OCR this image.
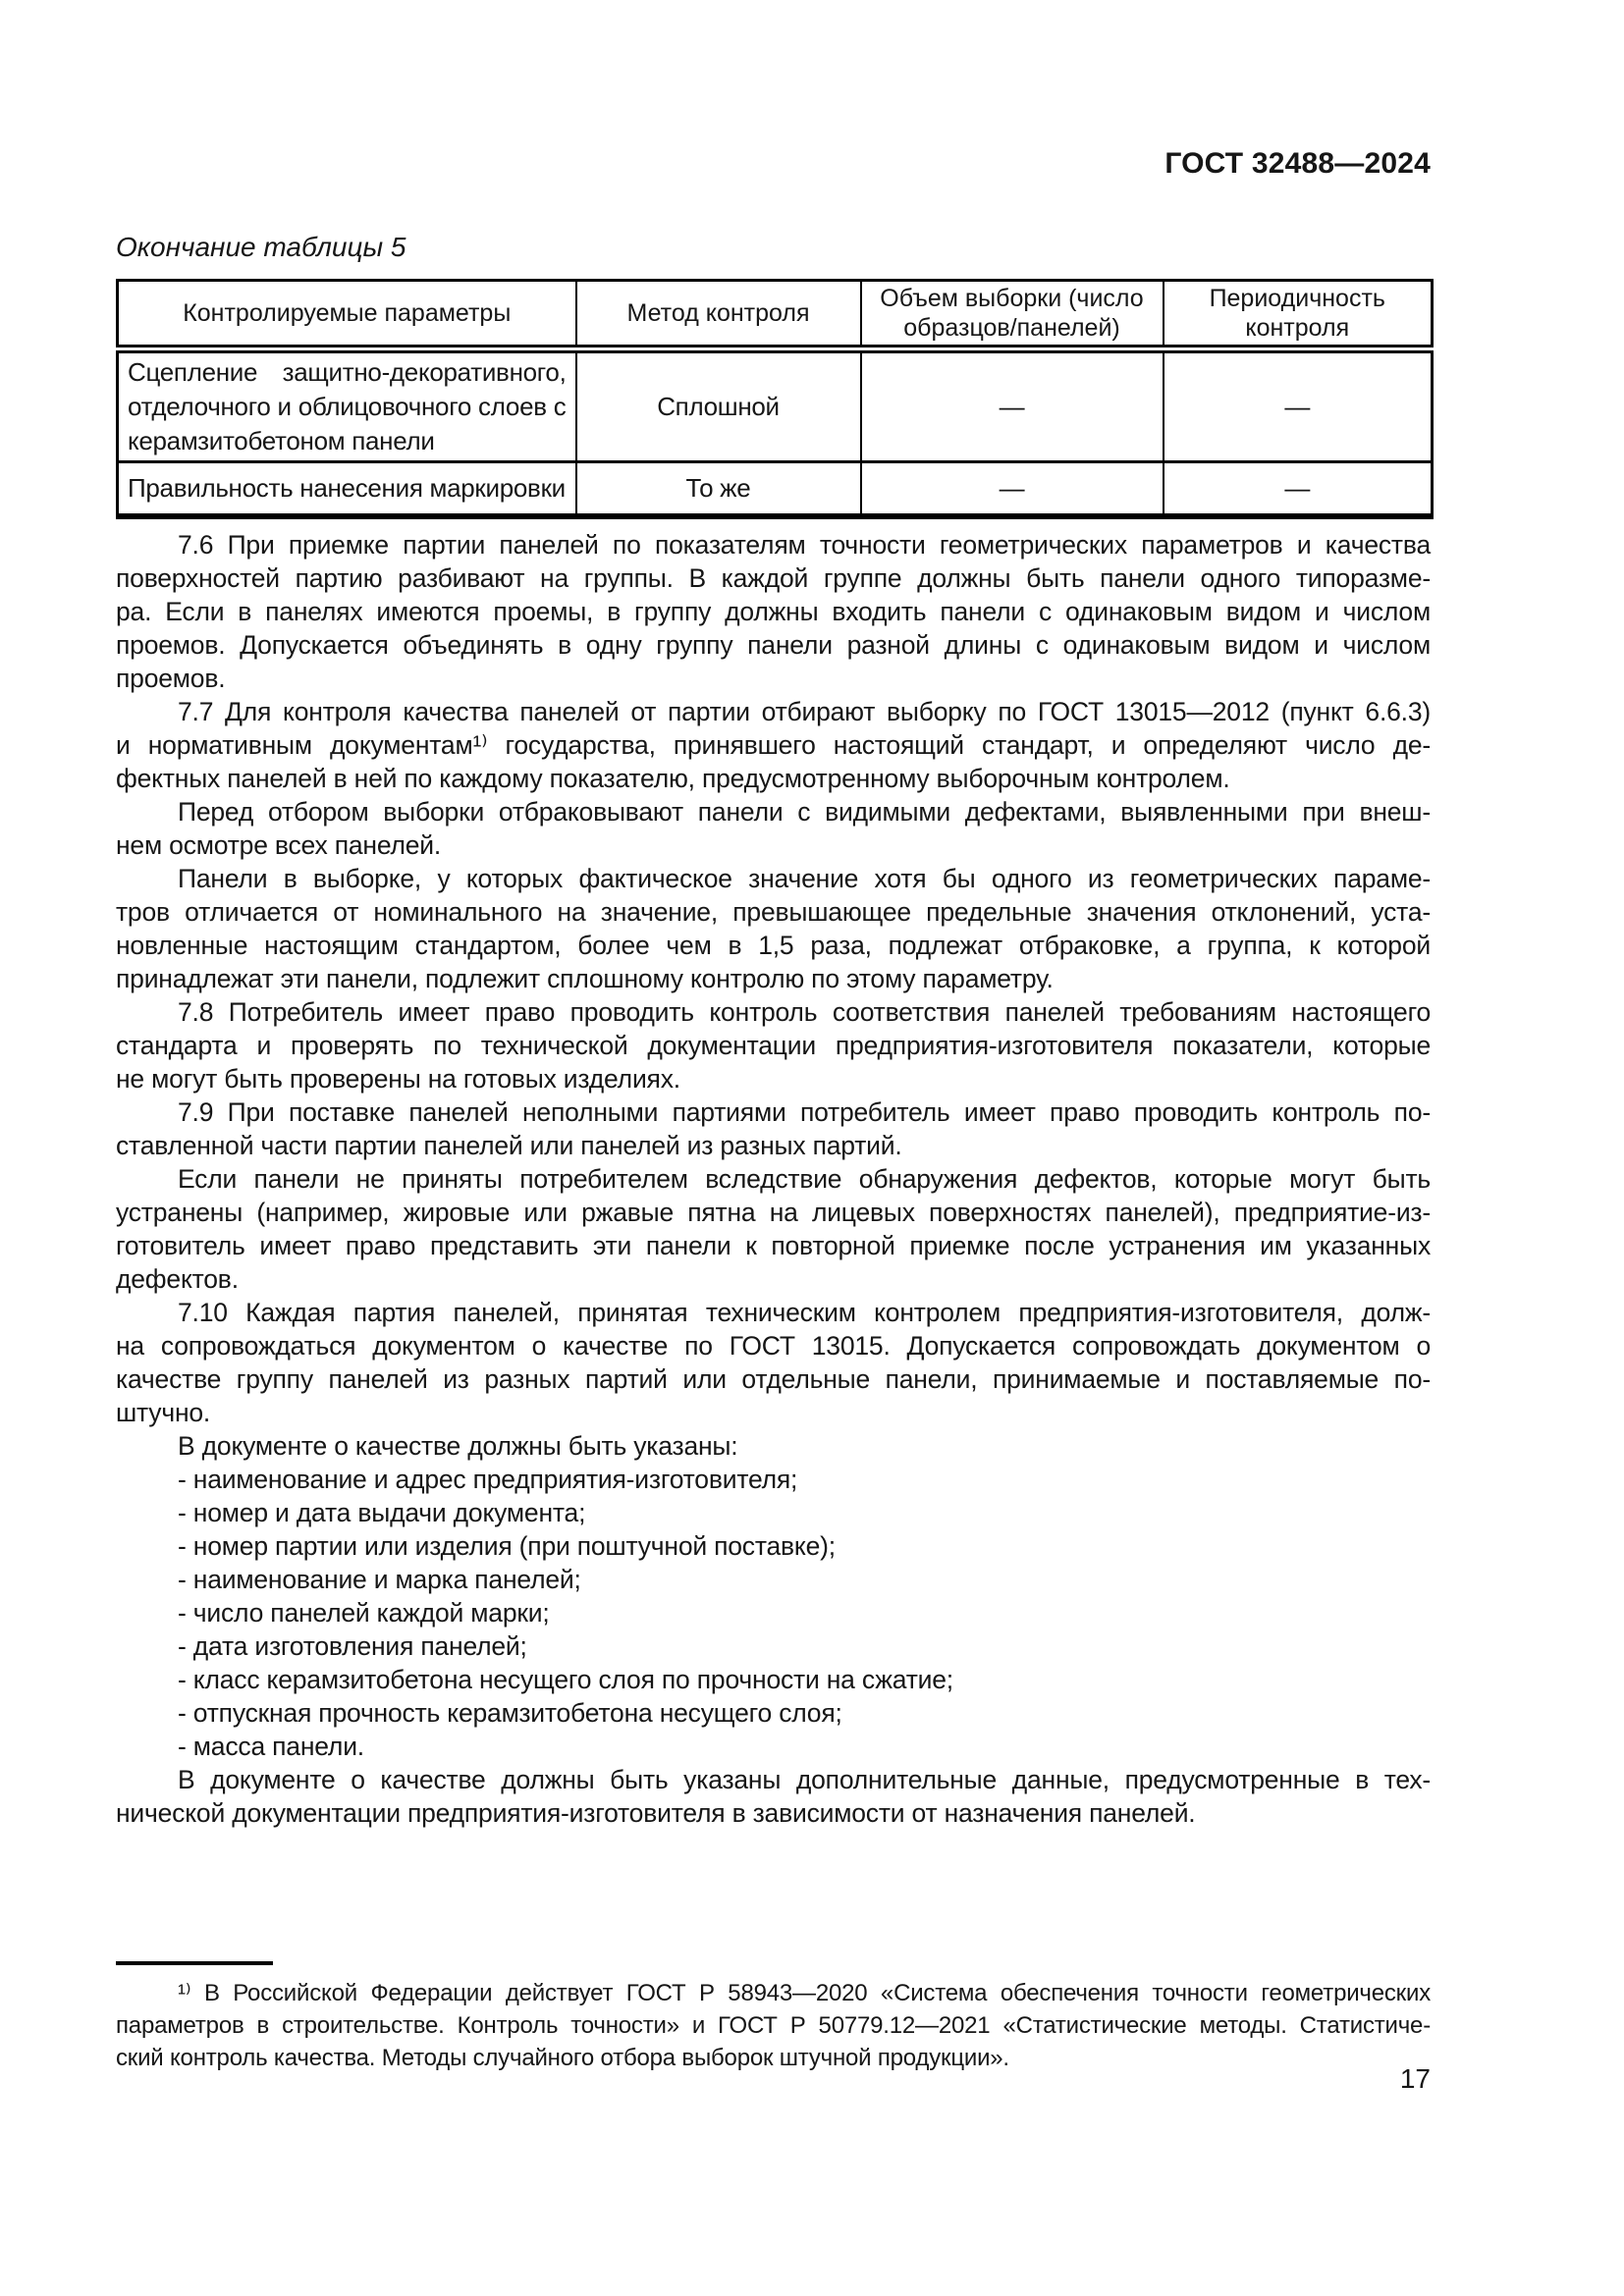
ГОСТ 32488—2024
Окончание таблицы 5
Контролируемые параметры	Метод контроля	Объем выборки (число образцов/панелей)	Периодичность контроля

Сцепление защитно-декоративного,
отделочного и облицовочного слоев с
керамзитобетоном панели	Сплошной	—	—

Правильность нанесения маркировки	То же	—	—
7.6 При приемке партии панелей по показателям точности геометрических параметров и качества
поверхностей партию разбивают на группы. В каждой группе должны быть панели одного типоразме-
ра. Если в панелях имеются проемы, в группу должны входить панели с одинаковым видом и числом
проемов. Допускается объединять в одну группу панели разной длины с одинаковым видом и числом
проемов.
7.7 Для контроля качества панелей от партии отбирают выборку по ГОСТ 13015—2012 (пункт 6.6.3)
и нормативным документам¹⁾ государства, принявшего настоящий стандарт, и определяют число де-
фектных панелей в ней по каждому показателю, предусмотренному выборочным контролем.
Перед отбором выборки отбраковывают панели с видимыми дефектами, выявленными при внеш-
нем осмотре всех панелей.
Панели в выборке, у которых фактическое значение хотя бы одного из геометрических параме-
тров отличается от номинального на значение, превышающее предельные значения отклонений, уста-
новленные настоящим стандартом, более чем в 1,5 раза, подлежат отбраковке, а группа, к которой
принадлежат эти панели, подлежит сплошному контролю по этому параметру.
7.8 Потребитель имеет право проводить контроль соответствия панелей требованиям настоящего
стандарта и проверять по технической документации предприятия-изготовителя показатели, которые
не могут быть проверены на готовых изделиях.
7.9 При поставке панелей неполными партиями потребитель имеет право проводить контроль по-
ставленной части партии панелей или панелей из разных партий.
Если панели не приняты потребителем вследствие обнаружения дефектов, которые могут быть
устранены (например, жировые или ржавые пятна на лицевых поверхностях панелей), предприятие-из-
готовитель имеет право представить эти панели к повторной приемке после устранения им указанных
дефектов.
7.10 Каждая партия панелей, принятая техническим контролем предприятия-изготовителя, долж-
на сопровождаться документом о качестве по ГОСТ 13015. Допускается сопровождать документом о
качестве группу панелей из разных партий или отдельные панели, принимаемые и поставляемые по-
штучно.
В документе о качестве должны быть указаны:
- наименование и адрес предприятия-изготовителя;
- номер и дата выдачи документа;
- номер партии или изделия (при поштучной поставке);
- наименование и марка панелей;
- число панелей каждой марки;
- дата изготовления панелей;
- класс керамзитобетона несущего слоя по прочности на сжатие;
- отпускная прочность керамзитобетона несущего слоя;
- масса панели.
В документе о качестве должны быть указаны дополнительные данные, предусмотренные в тех-
нической документации предприятия-изготовителя в зависимости от назначения панелей.
¹⁾ В Российской Федерации действует ГОСТ Р 58943—2020 «Система обеспечения точности геометрических
параметров в строительстве. Контроль точности» и ГОСТ Р 50779.12—2021 «Статистические методы. Статистиче-
ский контроль качества. Методы случайного отбора выборок штучной продукции».
17
